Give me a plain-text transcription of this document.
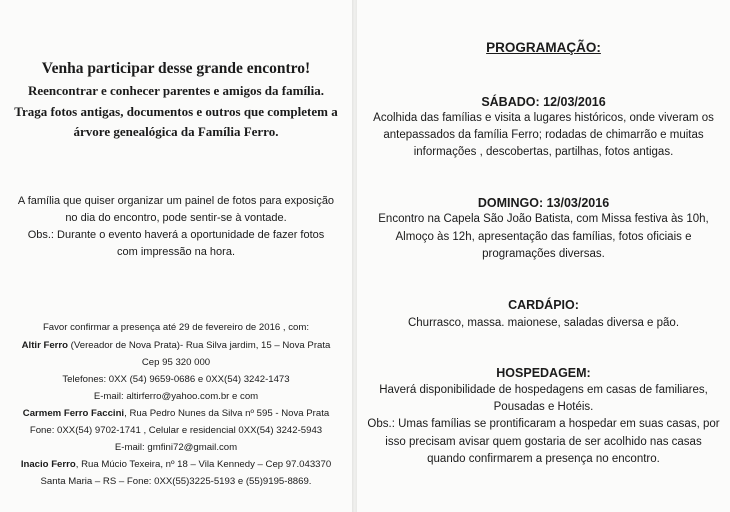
Venha participar desse grande encontro!
Reencontrar e conhecer parentes e amigos da família.
Traga fotos antigas, documentos e outros que completem a
árvore genealógica da Família Ferro.
A família que quiser organizar um painel de fotos para exposição
no dia do encontro, pode sentir-se à vontade.
Obs.: Durante o evento haverá a oportunidade de fazer fotos
com impressão na hora.
Favor confirmar a presença até 29 de fevereiro de 2016 , com:
Altir Ferro (Vereador de Nova Prata)- Rua Silva jardim, 15 – Nova Prata
Cep 95 320 000
Telefones: 0XX (54) 9659-0686 e 0XX(54) 3242-1473
E-mail: altirferro@yahoo.com.br e com
Carmem Ferro Faccini, Rua Pedro Nunes da Silva nº 595 - Nova Prata
Fone: 0XX(54) 9702-1741 , Celular e residencial 0XX(54) 3242-5943
E-mail: gmfini72@gmail.com
Inacio Ferro, Rua Múcio Texeira, nº 18 – Vila Kennedy – Cep 97.043370
Santa Maria – RS – Fone: 0XX(55)3225-5193 e (55)9195-8869.
PROGRAMAÇÃO:
SÁBADO: 12/03/2016
Acolhida das famílias e visita a lugares históricos, onde viveram os
antepassados da família Ferro; rodadas de chimarrão e muitas
informações , descobertas, partilhas, fotos antigas.
DOMINGO: 13/03/2016
Encontro na Capela São João Batista, com Missa festiva às 10h,
Almoço às 12h, apresentação das famílias, fotos oficiais e
programações diversas.
CARDÁPIO:
Churrasco, massa. maionese, saladas diversa e pão.
HOSPEDAGEM:
Haverá disponibilidade de hospedagens em casas de familiares,
Pousadas e Hotéis.
Obs.: Umas famílias se prontificaram a hospedar em suas casas, por
isso precisam avisar quem gostaria de ser acolhido nas casas
quando confirmarem a presença no encontro.
